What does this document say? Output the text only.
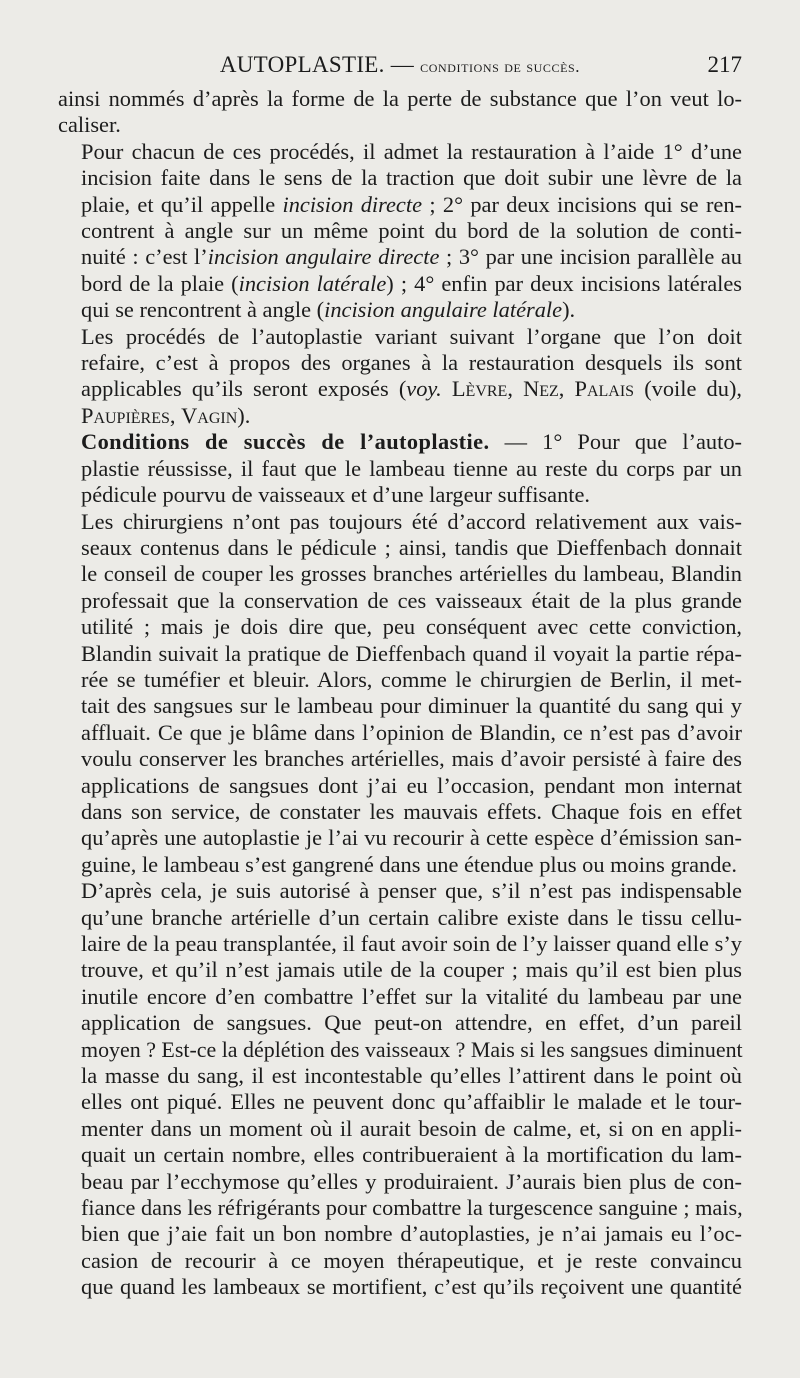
AUTOPLASTIE. — conditions de succès.	217

ainsi nommés d’après la forme de la perte de substance que l’on veut lo-
caliser.

Pour chacun de ces procédés, il admet la restauration à l’aide 1° d’une
incision faite dans le sens de la traction que doit subir une lèvre de la
plaie, et qu’il appelle incision directe ; 2° par deux incisions qui se ren-
contrent à angle sur un même point du bord de la solution de conti-
nuité : c’est l’incision angulaire directe ; 3° par une incision parallèle au
bord de la plaie (incision latérale) ; 4° enfin par deux incisions latérales
qui se rencontrent à angle (incision angulaire latérale).

Les procédés de l’autoplastie variant suivant l’organe que l’on doit
refaire, c’est à propos des organes à la restauration desquels ils sont
applicables qu’ils seront exposés (voy. Lèvre, Nez, Palais (voile du),
Paupières, Vagin).

Conditions de succès de l’autoplastie. — 1° Pour que l’auto-
plastie réussisse, il faut que le lambeau tienne au reste du corps par un
pédicule pourvu de vaisseaux et d’une largeur suffisante.

Les chirurgiens n’ont pas toujours été d’accord relativement aux vais-
seaux contenus dans le pédicule ; ainsi, tandis que Dieffenbach donnait
le conseil de couper les grosses branches artérielles du lambeau, Blandin
professait que la conservation de ces vaisseaux était de la plus grande
utilité ; mais je dois dire que, peu conséquent avec cette conviction,
Blandin suivait la pratique de Dieffenbach quand il voyait la partie répa-
rée se tuméfier et bleuir. Alors, comme le chirurgien de Berlin, il met-
tait des sangsues sur le lambeau pour diminuer la quantité du sang qui y
affluait. Ce que je blâme dans l’opinion de Blandin, ce n’est pas d’avoir
voulu conserver les branches artérielles, mais d’avoir persisté à faire des
applications de sangsues dont j’ai eu l’occasion, pendant mon internat
dans son service, de constater les mauvais effets. Chaque fois en effet
qu’après une autoplastie je l’ai vu recourir à cette espèce d’émission san-
guine, le lambeau s’est gangrené dans une étendue plus ou moins grande.

D’après cela, je suis autorisé à penser que, s’il n’est pas indispensable
qu’une branche artérielle d’un certain calibre existe dans le tissu cellu-
laire de la peau transplantée, il faut avoir soin de l’y laisser quand elle s’y
trouve, et qu’il n’est jamais utile de la couper ; mais qu’il est bien plus
inutile encore d’en combattre l’effet sur la vitalité du lambeau par une
application de sangsues. Que peut-on attendre, en effet, d’un pareil
moyen ? Est-ce la déplétion des vaisseaux ? Mais si les sangsues diminuent
la masse du sang, il est incontestable qu’elles l’attirent dans le point où
elles ont piqué. Elles ne peuvent donc qu’affaiblir le malade et le tour-
menter dans un moment où il aurait besoin de calme, et, si on en appli-
quait un certain nombre, elles contribueraient à la mortification du lam-
beau par l’ecchymose qu’elles y produiraient. J’aurais bien plus de con-
fiance dans les réfrigérants pour combattre la turgescence sanguine ; mais,
bien que j’aie fait un bon nombre d’autoplasties, je n’ai jamais eu l’oc-
casion de recourir à ce moyen thérapeutique, et je reste convaincu
que quand les lambeaux se mortifient, c’est qu’ils reçoivent une quantité
